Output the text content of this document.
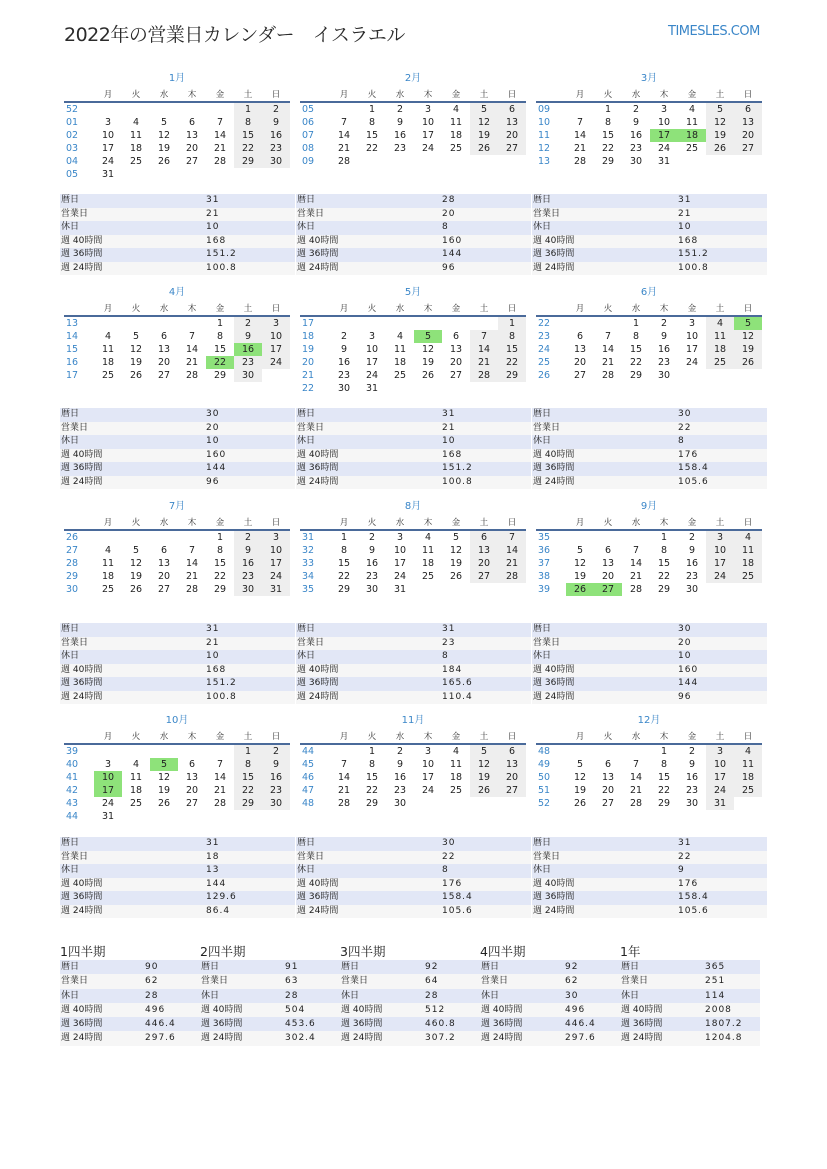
2022年の営業日カレンダー　イスラエル	TIMESLES.COM
1月
	月	火	水	木	金	土	日
52						1	2
01	3	4	5	6	7	8	9
02	10	11	12	13	14	15	16
03	17	18	19	20	21	22	23
04	24	25	26	27	28	29	30
05	31						
暦日	31
営業日	21
休日	10
週 40時間	168
週 36時間	151.2
週 24時間	100.8
2月
	月	火	水	木	金	土	日
05		1	2	3	4	5	6
06	7	8	9	10	11	12	13
07	14	15	16	17	18	19	20
08	21	22	23	24	25	26	27
09	28						
暦日	28
営業日	20
休日	8
週 40時間	160
週 36時間	144
週 24時間	96
3月
	月	火	水	木	金	土	日
09		1	2	3	4	5	6
10	7	8	9	10	11	12	13
11	14	15	16	17	18	19	20
12	21	22	23	24	25	26	27
13	28	29	30	31			
暦日	31
営業日	21
休日	10
週 40時間	168
週 36時間	151.2
週 24時間	100.8
4月
	月	火	水	木	金	土	日
13					1	2	3
14	4	5	6	7	8	9	10
15	11	12	13	14	15	16	17
16	18	19	20	21	22	23	24
17	25	26	27	28	29	30	
暦日	30
営業日	20
休日	10
週 40時間	160
週 36時間	144
週 24時間	96
5月
	月	火	水	木	金	土	日
17							1
18	2	3	4	5	6	7	8
19	9	10	11	12	13	14	15
20	16	17	18	19	20	21	22
21	23	24	25	26	27	28	29
22	30	31					
暦日	31
営業日	21
休日	10
週 40時間	168
週 36時間	151.2
週 24時間	100.8
6月
	月	火	水	木	金	土	日
22			1	2	3	4	5
23	6	7	8	9	10	11	12
24	13	14	15	16	17	18	19
25	20	21	22	23	24	25	26
26	27	28	29	30			
暦日	30
営業日	22
休日	8
週 40時間	176
週 36時間	158.4
週 24時間	105.6
7月
	月	火	水	木	金	土	日
26					1	2	3
27	4	5	6	7	8	9	10
28	11	12	13	14	15	16	17
29	18	19	20	21	22	23	24
30	25	26	27	28	29	30	31
暦日	31
営業日	21
休日	10
週 40時間	168
週 36時間	151.2
週 24時間	100.8
8月
	月	火	水	木	金	土	日
31	1	2	3	4	5	6	7
32	8	9	10	11	12	13	14
33	15	16	17	18	19	20	21
34	22	23	24	25	26	27	28
35	29	30	31				
暦日	31
営業日	23
休日	8
週 40時間	184
週 36時間	165.6
週 24時間	110.4
9月
	月	火	水	木	金	土	日
35				1	2	3	4
36	5	6	7	8	9	10	11
37	12	13	14	15	16	17	18
38	19	20	21	22	23	24	25
39	26	27	28	29	30		
暦日	30
営業日	20
休日	10
週 40時間	160
週 36時間	144
週 24時間	96
10月
	月	火	水	木	金	土	日
39						1	2
40	3	4	5	6	7	8	9
41	10	11	12	13	14	15	16
42	17	18	19	20	21	22	23
43	24	25	26	27	28	29	30
44	31						
暦日	31
営業日	18
休日	13
週 40時間	144
週 36時間	129.6
週 24時間	86.4
11月
	月	火	水	木	金	土	日
44		1	2	3	4	5	6
45	7	8	9	10	11	12	13
46	14	15	16	17	18	19	20
47	21	22	23	24	25	26	27
48	28	29	30				
暦日	30
営業日	22
休日	8
週 40時間	176
週 36時間	158.4
週 24時間	105.6
12月
	月	火	水	木	金	土	日
48				1	2	3	4
49	5	6	7	8	9	10	11
50	12	13	14	15	16	17	18
51	19	20	21	22	23	24	25
52	26	27	28	29	30	31	
暦日	31
営業日	22
休日	9
週 40時間	176
週 36時間	158.4
週 24時間	105.6
1四半期
暦日	90
営業日	62
休日	28
週 40時間	496
週 36時間	446.4
週 24時間	297.6
2四半期
暦日	91
営業日	63
休日	28
週 40時間	504
週 36時間	453.6
週 24時間	302.4
3四半期
暦日	92
営業日	64
休日	28
週 40時間	512
週 36時間	460.8
週 24時間	307.2
4四半期
暦日	92
営業日	62
休日	30
週 40時間	496
週 36時間	446.4
週 24時間	297.6
1年
暦日	365
営業日	251
休日	114
週 40時間	2008
週 36時間	1807.2
週 24時間	1204.8
